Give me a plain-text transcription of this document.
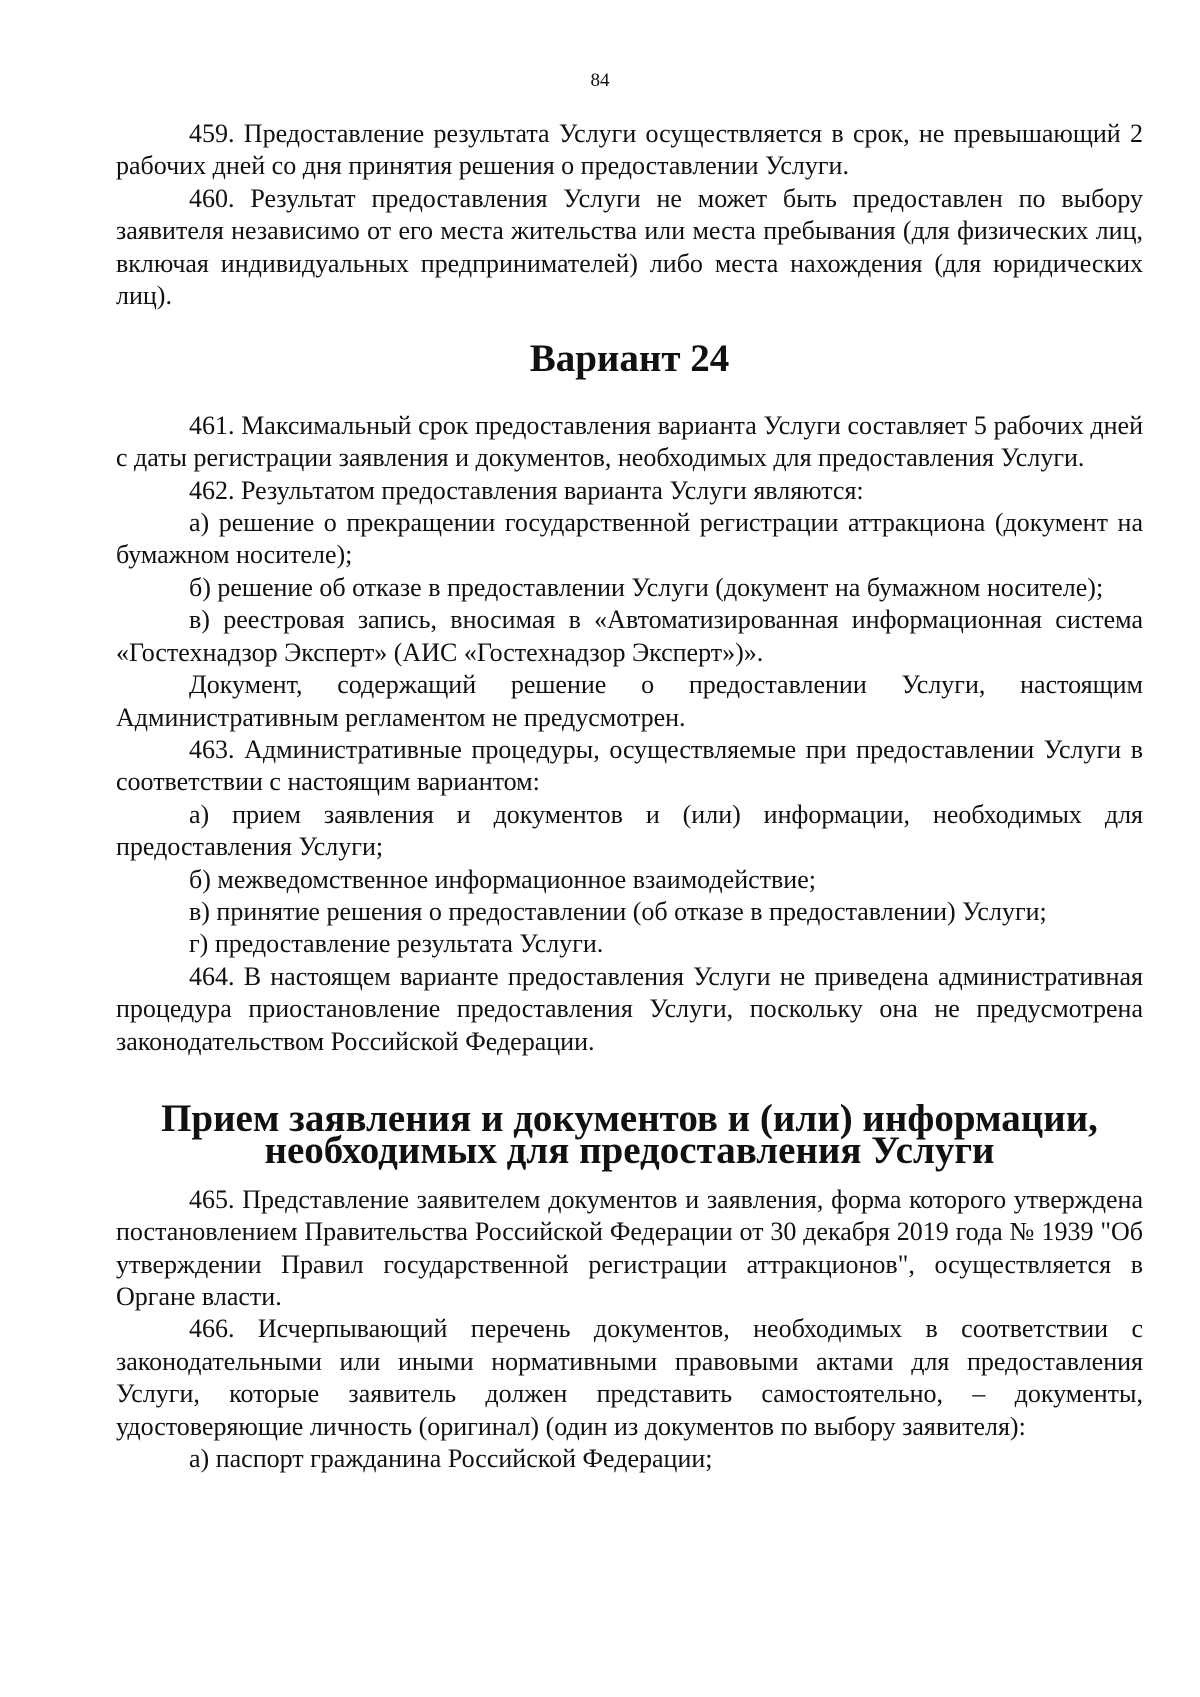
84

459. Предоставление результата Услуги осуществляется в срок, не превышающий 2 рабочих дней со дня принятия решения о предоставлении Услуги.

460. Результат предоставления Услуги не может быть предоставлен по выбору заявителя независимо от его места жительства или места пребывания (для физических лиц, включая индивидуальных предпринимателей) либо места нахождения (для юридических лиц).

Вариант 24

461. Максимальный срок предоставления варианта Услуги составляет 5 рабочих дней с даты регистрации заявления и документов, необходимых для предоставления Услуги.

462. Результатом предоставления варианта Услуги являются:

а) решение о прекращении государственной регистрации аттракциона (документ на бумажном носителе);

б) решение об отказе в предоставлении Услуги (документ на бумажном носителе);

в) реестровая запись, вносимая в «Автоматизированная информационная система «Гостехнадзор Эксперт» (АИС «Гостехнадзор Эксперт»)».

Документ, содержащий решение о предоставлении Услуги, настоящим Административным регламентом не предусмотрен.

463. Административные процедуры, осуществляемые при предоставлении Услуги в соответствии с настоящим вариантом:

а) прием заявления и документов и (или) информации, необходимых для предоставления Услуги;

б) межведомственное информационное взаимодействие;

в) принятие решения о предоставлении (об отказе в предоставлении) Услуги;

г) предоставление результата Услуги.

464. В настоящем варианте предоставления Услуги не приведена административная процедура приостановление предоставления Услуги, поскольку она не предусмотрена законодательством Российской Федерации.

Прием заявления и документов и (или) информации, необходимых для предоставления Услуги

465. Представление заявителем документов и заявления, форма которого утверждена постановлением Правительства Российской Федерации от 30 декабря 2019 года № 1939 "Об утверждении Правил государственной регистрации аттракционов", осуществляется в Органе власти.

466. Исчерпывающий перечень документов, необходимых в соответствии с законодательными или иными нормативными правовыми актами для предоставления Услуги, которые заявитель должен представить самостоятельно, – документы, удостоверяющие личность (оригинал) (один из документов по выбору заявителя):

а) паспорт гражданина Российской Федерации;
